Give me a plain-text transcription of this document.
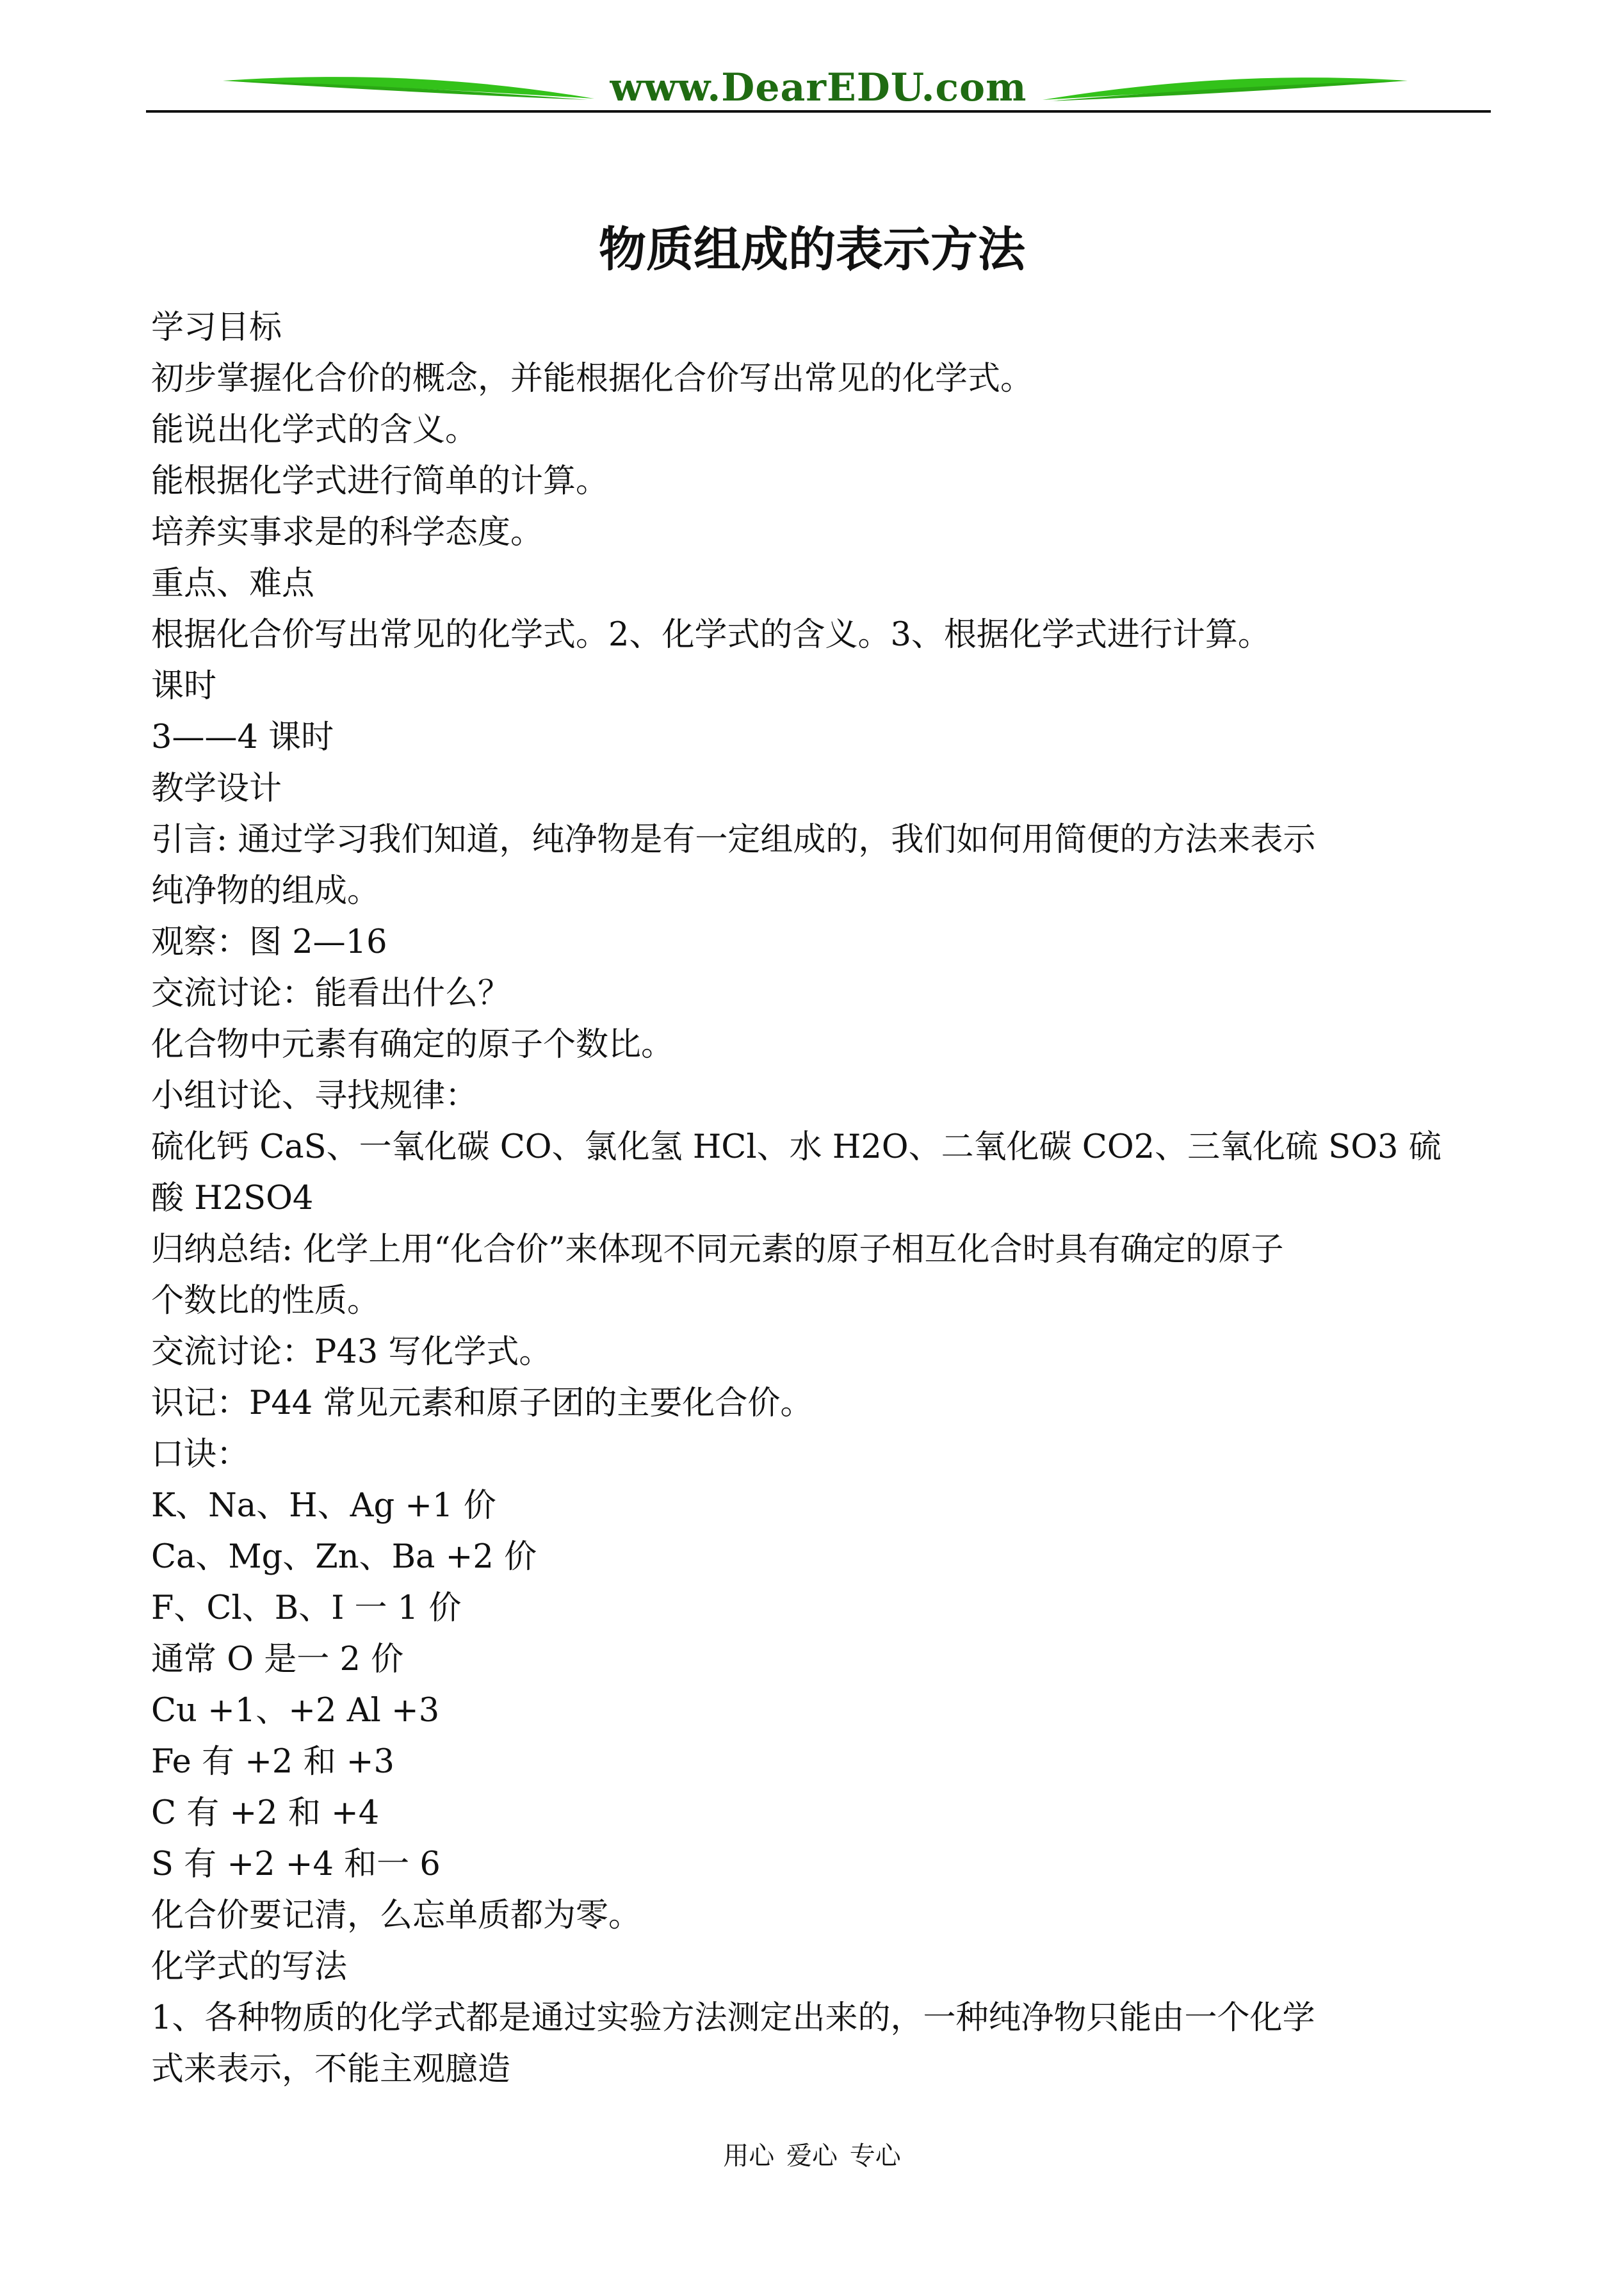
www.DearEDU.com
物质组成的表示方法
学习目标
初步掌握化合价的概念，并能根据化合价写出常见的化学式。
能说出化学式的含义。
能根据化学式进行简单的计算。
培养实事求是的科学态度。
重点、难点
根据化合价写出常见的化学式。2、化学式的含义。3、根据化学式进行计算。
课时
3——4 课时
教学设计
引言: 通过学习我们知道，纯净物是有一定组成的，我们如何用简便的方法来表示
纯净物的组成。
观察：图 2—16
交流讨论：能看出什么？
化合物中元素有确定的原子个数比。
小组讨论、寻找规律：
硫化钙 CaS、一氧化碳 CO、氯化氢 HCl、水 H2O、二氧化碳 CO2、三氧化硫 SO3 硫
酸 H2SO4
归纳总结: 化学上用“化合价”来体现不同元素的原子相互化合时具有确定的原子
个数比的性质。
交流讨论：P43 写化学式。
识记：P44 常见元素和原子团的主要化合价。
口诀：
K、Na、H、Ag +1 价
Ca、Mg、Zn、Ba +2 价
F、Cl、B、I 一 1 价
通常 O 是一 2 价
Cu +1、+2 Al +3
Fe 有 +2 和 +3
C 有 +2 和 +4
S 有 +2 +4 和一 6
化合价要记清，么忘单质都为零。
化学式的写法
1、各种物质的化学式都是通过实验方法测定出来的，一种纯净物只能由一个化学
式来表示，不能主观臆造
用心 爱心 专心
